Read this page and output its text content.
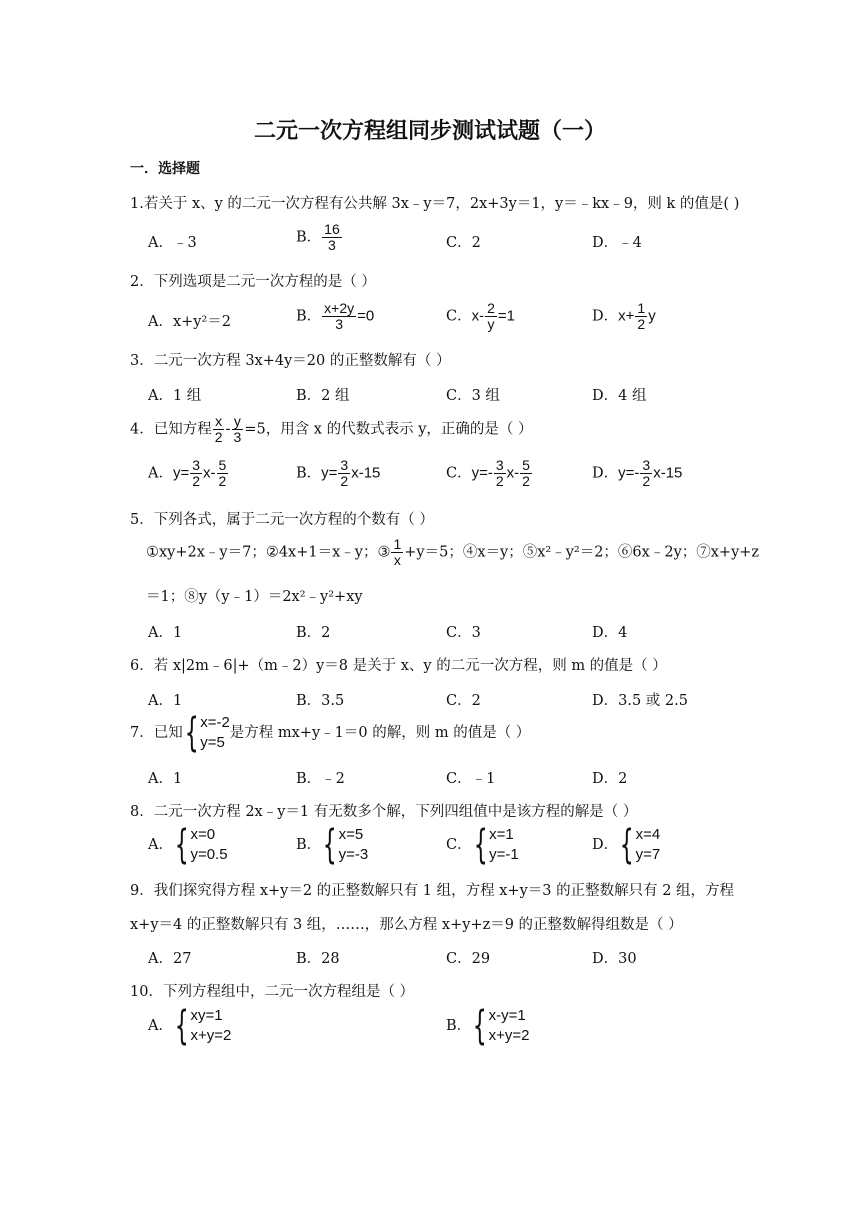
二元一次方程组同步测试试题（一）
一．选择题
1.若关于 x、y 的二元一次方程有公共解 3x﹣y＝7，2x+3y＝1，y＝﹣kx﹣9，则 k 的值是( )
A．﹣3	B． $\frac{16}{3}$	C．2	D．﹣4
2．下列选项是二元一次方程的是（ ）
A．x+y²＝2	B． $\frac{x+2y}{3} =0$	C．$x- \frac{2}{y} =1$	D．$x+ \frac{1}{2}$ y
3．二元一次方程 3x+4y＝20 的正整数解有（ ）
A．1 组	B．2 组	C．3 组	D．4 组
4．已知方程 $\frac{x}{2} - \frac{y}{3} =5$，用含 x 的代数式表示 y，正确的是（ ）
A．$y= \frac{3}{2} x- \frac{5}{2}$	B．$y= \frac{3}{2} x-15$	C．$y=- \frac{3}{2} x- \frac{5}{2}$	D．$y=- \frac{3}{2} x-15$
5．下列各式，属于二元一次方程的个数有（ ）
①xy+2x﹣y＝7；②4x+1＝x﹣y；③ $\frac{1}{x} +y=5$；④x＝y；⑤x²﹣y²＝2；⑥6x﹣2y；⑦x+y+z
＝1；⑧y（y﹣1）＝2x²﹣y²+xy
A．1	B．2	C．3	D．4
6．若 x|2m﹣6|+（m﹣2）y＝8 是关于 x、y 的二元一次方程，则 m 的值是（ ）
A．1	B．3.5	C．2	D．3.5 或 2.5
7．已知 { x=-2
y=5
是方程 mx+y﹣1＝0 的解，则 m 的值是（ ）
A．1	B．﹣2	C．﹣1	D．2
8．二元一次方程 2x﹣y＝1 有无数多个解，下列四组值中是该方程的解是（ ）
A． { x=0
y=0.5
B． { x=5
y=-3
C． { x=1
y=-1
D． { x=4
y=7
9．我们探究得方程 x+y＝2 的正整数解只有 1 组，方程 x+y＝3 的正整数解只有 2 组，方程
x+y＝4 的正整数解只有 3 组，……，那么方程 x+y+z＝9 的正整数解得组数是（ ）
A．27	B．28	C．29	D．30
10．下列方程组中，二元一次方程组是（ ）
A． { xy=1
x+y=2
B． { x-y=1
x+y=2
